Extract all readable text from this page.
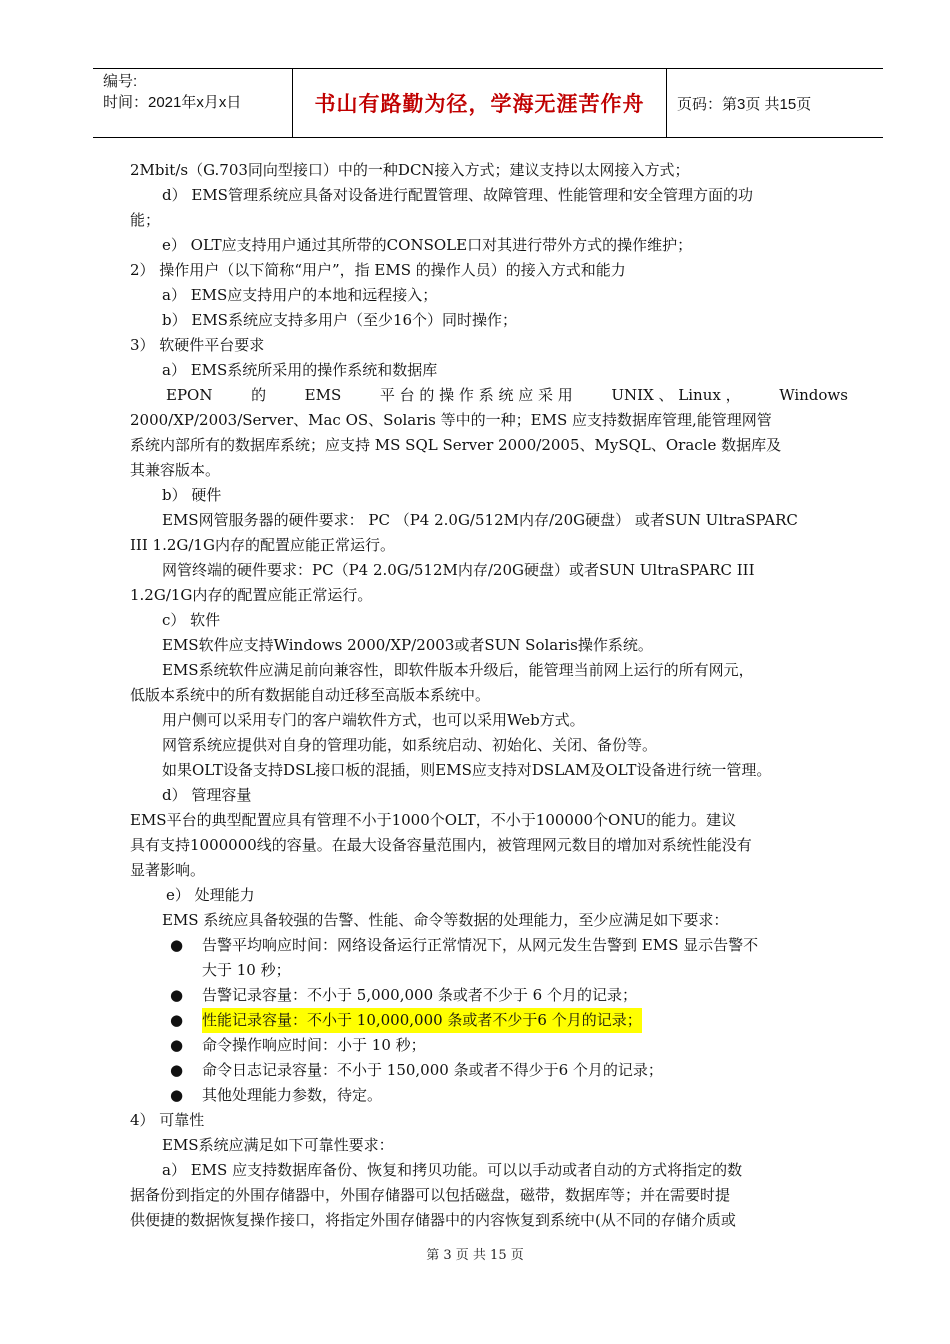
编号:
时间：2021年x月x日	书山有路勤为径，学海无涯苦作舟	页码：第3页 共15页

2Mbit/s（G.703同向型接口）中的一种DCN接入方式；建议支持以太网接入方式；

d） EMS管理系统应具备对设备进行配置管理、故障管理、性能管理和安全管理方面的功

能；

e） OLT应支持用户通过其所带的CONSOLE口对其进行带外方式的操作维护；

2） 操作用户（以下简称“用户”，指 EMS 的操作人员）的接入方式和能力

a） EMS应支持用户的本地和远程接入；

b） EMS系统应支持多用户（至少16个）同时操作；

3） 软硬件平台要求

a） EMS系统所采用的操作系统和数据库

EPON	的	EMS	平 台 的 操 作 系 统 应 采 用	UNIX 、 Linux ，	Windows

2000/XP/2003/Server、Mac OS、Solaris 等中的一种；EMS 应支持数据库管理,能管理网管

系统内部所有的数据库系统；应支持 MS SQL Server 2000/2005、MySQL、Oracle 数据库及

其兼容版本。

b） 硬件

EMS网管服务器的硬件要求： PC （P4 2.0G/512M内存/20G硬盘） 或者SUN UltraSPARC

III 1.2G/1G内存的配置应能正常运行。

网管终端的硬件要求：PC（P4 2.0G/512M内存/20G硬盘）或者SUN UltraSPARC III

1.2G/1G内存的配置应能正常运行。

c） 软件

EMS软件应支持Windows 2000/XP/2003或者SUN Solaris操作系统。

EMS系统软件应满足前向兼容性，即软件版本升级后，能管理当前网上运行的所有网元，

低版本系统中的所有数据能自动迁移至高版本系统中。

用户侧可以采用专门的客户端软件方式，也可以采用Web方式。

网管系统应提供对自身的管理功能，如系统启动、初始化、关闭、备份等。

如果OLT设备支持DSL接口板的混插，则EMS应支持对DSLAM及OLT设备进行统一管理。

d） 管理容量

EMS平台的典型配置应具有管理不小于1000个OLT，不小于100000个ONU的能力。建议

具有支持1000000线的容量。在最大设备容量范围内，被管理网元数目的增加对系统性能没有

显著影响。

e） 处理能力

EMS 系统应具备较强的告警、性能、命令等数据的处理能力，至少应满足如下要求：

●	告警平均响应时间：网络设备运行正常情况下，从网元发生告警到 EMS 显示告警不
大于 10 秒；
●	告警记录容量：不小于 5,000,000 条或者不少于 6 个月的记录；
●	性能记录容量：不小于 10,000,000 条或者不少于6 个月的记录；
●	命令操作响应时间：小于 10 秒；
●	命令日志记录容量：不小于 150,000 条或者不得少于6 个月的记录；
●	其他处理能力参数，待定。

4） 可靠性

EMS系统应满足如下可靠性要求：

a） EMS 应支持数据库备份、恢复和拷贝功能。可以以手动或者自动的方式将指定的数

据备份到指定的外围存储器中，外围存储器可以包括磁盘，磁带，数据库等；并在需要时提

供便捷的数据恢复操作接口，将指定外围存储器中的内容恢复到系统中(从不同的存储介质或

第 3 页 共 15 页
